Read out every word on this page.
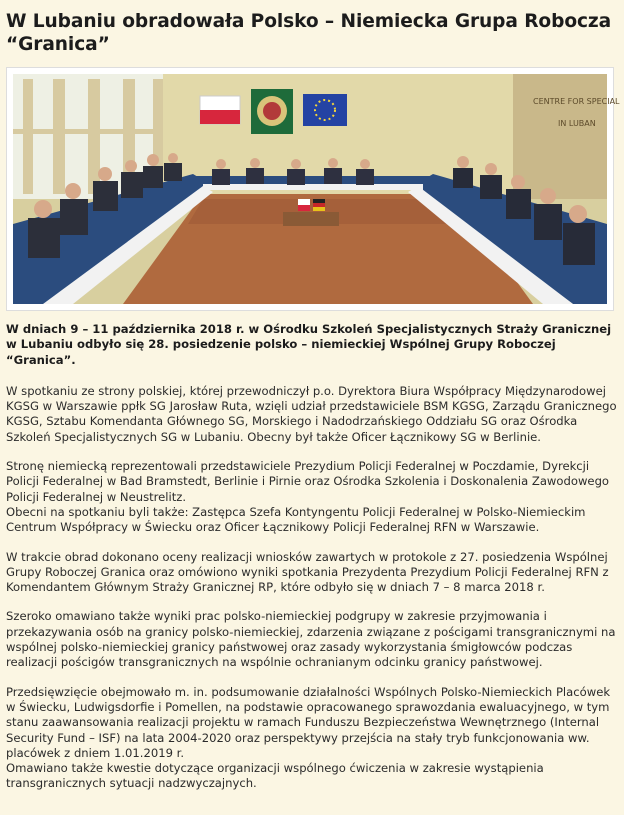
W Lubaniu obradowała Polsko – Niemiecka Grupa Robocza “Granica”
CENTRE FOR SPECIAL
IN LUBAN

W dniach 9 – 11 października 2018 r. w Ośrodku Szkoleń Specjalistycznych Straży Granicznej w Lubaniu odbyło się 28. posiedzenie polsko – niemieckiej Wspólnej Grupy Roboczej “Granica”.

W spotkaniu ze strony polskiej, której przewodniczył p.o. Dyrektora Biura Współpracy Międzynarodowej KGSG w Warszawie ppłk SG Jarosław Ruta, wzięli udział przedstawiciele BSM KGSG, Zarządu Granicznego KGSG, Sztabu Komendanta Głównego SG, Morskiego i Nadodrzańskiego Oddziału SG oraz Ośrodka Szkoleń Specjalistycznych SG w Lubaniu. Obecny był także Oficer Łącznikowy SG w Berlinie.

Stronę niemiecką reprezentowali przedstawiciele Prezydium Policji Federalnej w Poczdamie, Dyrekcji Policji Federalnej w Bad Bramstedt, Berlinie i Pirnie oraz Ośrodka Szkolenia i Doskonalenia Zawodowego Policji Federalnej w Neustrelitz.
Obecni na spotkaniu byli także: Zastępca Szefa Kontyngentu Policji Federalnej w Polsko-Niemieckim Centrum Współpracy w Świecku oraz Oficer Łącznikowy Policji Federalnej RFN w Warszawie.

W trakcie obrad dokonano oceny realizacji wniosków zawartych w protokole z 27. posiedzenia Wspólnej Grupy Roboczej Granica oraz omówiono wyniki spotkania Prezydenta Prezydium Policji Federalnej RFN z Komendantem Głównym Straży Granicznej RP, które odbyło się w dniach 7 – 8 marca 2018 r.

Szeroko omawiano także wyniki prac polsko-niemieckiej podgrupy w zakresie przyjmowania i przekazywania osób na granicy polsko-niemieckiej, zdarzenia związane z pościgami transgranicznymi na wspólnej polsko-niemieckiej granicy państwowej oraz zasady wykorzystania śmigłowców podczas realizacji pościgów transgranicznych na wspólnie ochranianym odcinku granicy państwowej.

Przedsięwzięcie obejmowało m. in. podsumowanie działalności Wspólnych Polsko-Niemieckich Placówek w Świecku, Ludwigsdorfie i Pomellen, na podstawie opracowanego sprawozdania ewaluacyjnego, w tym stanu zaawansowania realizacji projektu w ramach Funduszu Bezpieczeństwa Wewnętrznego (Internal Security Fund – ISF) na lata 2004-2020 oraz perspektywy przejścia na stały tryb funkcjonowania ww. placówek z dniem 1.01.2019 r.
Omawiano także kwestie dotyczące organizacji wspólnego ćwiczenia w zakresie wystąpienia transgranicznych sytuacji nadzwyczajnych.
